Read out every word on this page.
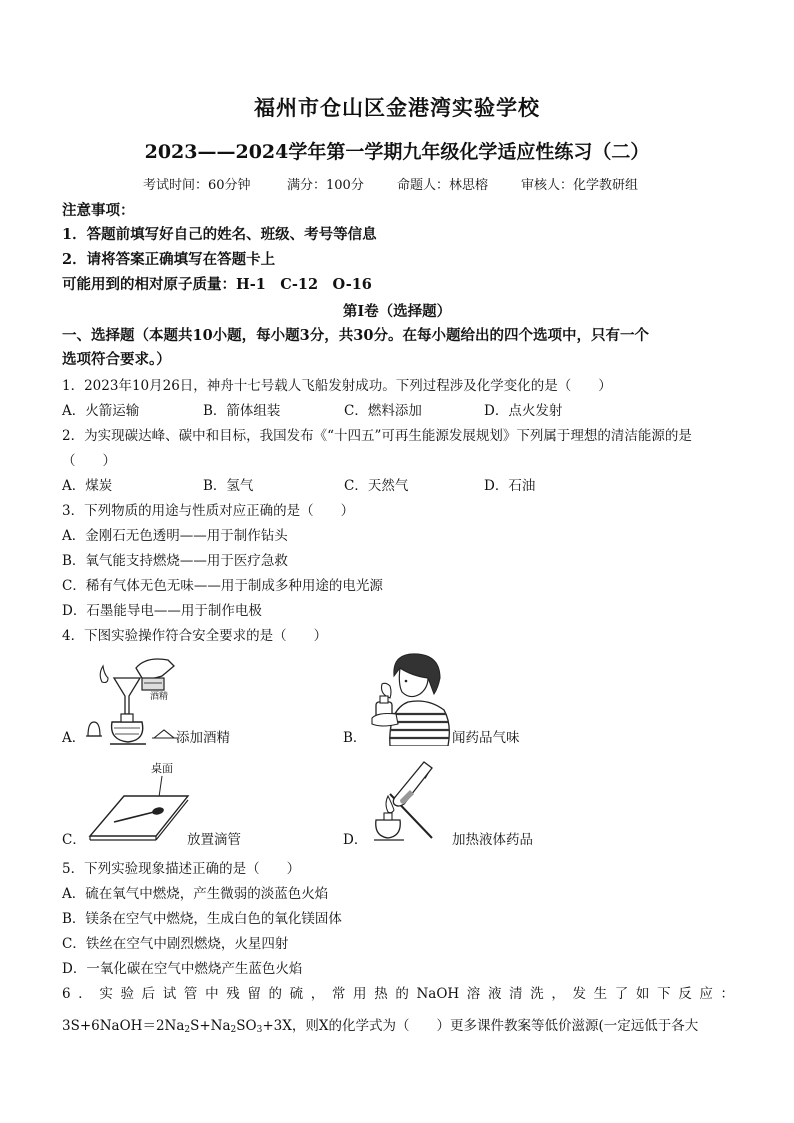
福州市仓山区金港湾实验学校
2023——2024学年第一学期九年级化学适应性练习（二）
考试时间：60分钟	满分：100分	命题人：林思榕	审核人：化学教研组
注意事项：
1．答题前填写好自己的姓名、班级、考号等信息
2．请将答案正确填写在答题卡上
可能用到的相对原子质量：H-1　C-12　O-16
第Ⅰ卷（选择题）
一、选择题（本题共10小题，每小题3分，共30分。在每小题给出的四个选项中，只有一个
选项符合要求。）
1．2023年10月26日，神舟十七号载人飞船发射成功。下列过程涉及化学变化的是（　　）
A．火箭运输	B．箭体组装	C．燃料添加	D．点火发射
2．为实现碳达峰、碳中和目标，我国发布《“十四五”可再生能源发展规划》下列属于理想的清洁能源的是
（　　）
A．煤炭	B．氢气	C．天然气	D．石油
3．下列物质的用途与性质对应正确的是（　　）
A．金刚石无色透明——用于制作钻头
B．氧气能支持燃烧——用于医疗急救
C．稀有气体无色无味——用于制成多种用途的电光源
D．石墨能导电——用于制作电极
4．下图实验操作符合安全要求的是（　　）
酒精
A．	添加酒精	B．	闻药品气味
桌面
C．	放置滴管	D．	加热液体药品
5．下列实验现象描述正确的是（　　）
A．硫在氧气中燃烧，产生微弱的淡蓝色火焰
B．镁条在空气中燃烧，生成白色的氧化镁固体
C．铁丝在空气中剧烈燃烧，火星四射
D．一氧化碳在空气中燃烧产生蓝色火焰
6．实验后试管中残留的硫，常用热的NaOH溶液清洗，发生了如下反应：
$3S+6NaOH=2Na_2S+Na_2SO_3+3X$，则X的化学式为（　　）更多课件教案等低价滋源(一定远低于各大
